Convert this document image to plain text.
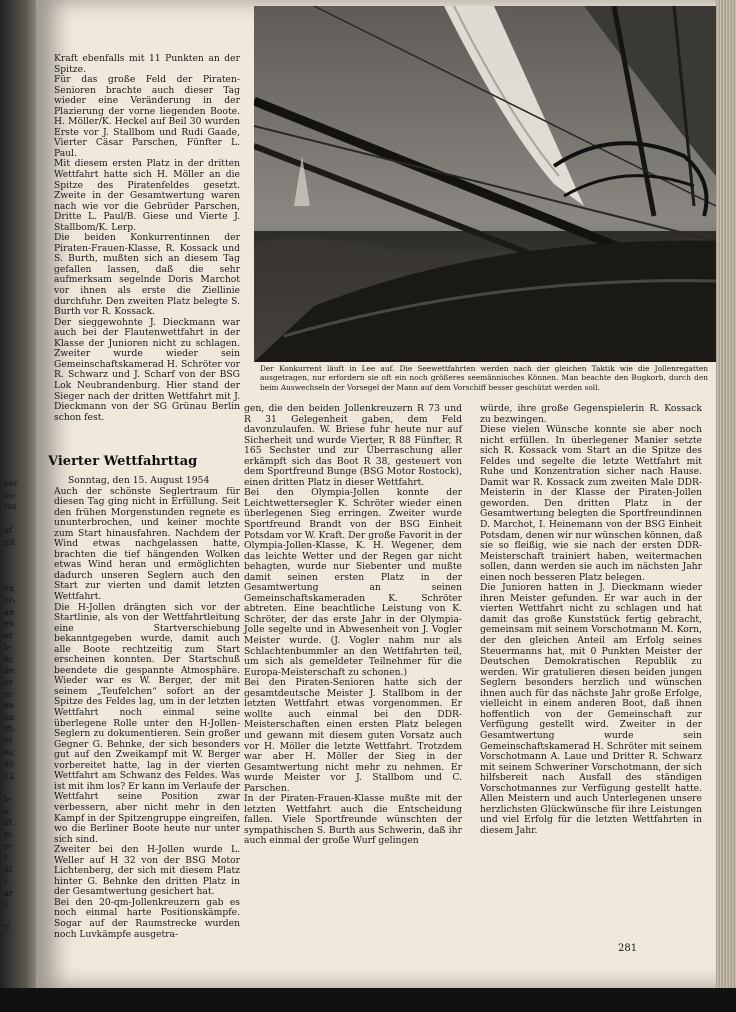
ner
us-
tus
uf
nit
en
or-
an
en
er
le
lic
de
er
er
en
en
ift-
er
es.
95
12
le
e,
ift
m
er
t-
ilt
r-
ar
s
7.
Der Konkurrent läuft in Lee auf. Die Seewettfahrten werden nach der gleichen Taktik wie die Jollenregatten ausgetragen, nur erfordern sie oft ein noch größeres seemännisches Können. Man beachte den Bugkorb, durch den beim Auswechseln der Vorsegel der Mann auf dem Vorschiff besser geschützt werden soll.

Kraft ebenfalls mit 11 Punkten an der Spitze.

Für das große Feld der Piraten-Senioren brachte auch dieser Tag wieder eine Veränderung in der Plazierung der vorne liegenden Boote. H. Möller/K. Heckel auf Beil 30 wurden Erste vor J. Stallbom und Rudi Gaade, Vierter Cäsar Parschen, Fünfter L. Paul.

Mit diesem ersten Platz in der dritten Wettfahrt hatte sich H. Möller an die Spitze des Piratenfeldes gesetzt. Zweite in der Gesamtwertung waren nach wie vor die Gebrüder Parschen, Dritte L. Paul/B. Giese und Vierte J. Stallbom/K. Lerp.

Die beiden Konkurrentinnen der Piraten-Frauen-Klasse, R. Kossack und S. Burth, mußten sich an diesem Tag gefallen lassen, daß die sehr aufmerksam segelnde Doris Marchot vor ihnen als erste die Ziellinie durchfuhr. Den zweiten Platz belegte S. Burth vor R. Kossack.

Der sieggewohnte J. Dieckmann war auch bei der Flautenwettfahrt in der Klasse der Junioren nicht zu schlagen. Zweiter wurde wieder sein Gemeinschaftskamerad H. Schröter vor R. Schwarz und J. Scharf von der BSG Lok Neubrandenburg. Hier stand der Sieger nach der dritten Wettfahrt mit J. Dieckmann von der SG Grünau Berlin schon fest.

Vierter Wettfahrttag

Sonntag, den 15. August 1954

Auch der schönste Seglertraum für diesen Tag ging nicht in Erfüllung. Seit den frühen Morgenstunden regnete es ununterbrochen, und keiner mochte zum Start hinausfahren. Nachdem der Wind etwas nachgelassen hatte, brachten die tief hängenden Wolken etwas Wind heran und ermöglichten dadurch unseren Seglern auch den Start zur vierten und damit letzten Wettfahrt.

Die H-Jollen drängten sich vor der Startlinie, als von der Wettfahrtleitung eine Startverschiebung bekanntgegeben wurde, damit auch alle Boote rechtzeitig zum Start erscheinen konnten. Der Startschuß beendete die gespannte Atmosphäre. Wieder war es W. Berger, der mit seinem „Teufelchen“ sofort an der Spitze des Feldes lag, um in der letzten Wettfahrt noch einmal seine überlegene Rolle unter den H-Jollen-Seglern zu dokumentieren. Sein großer Gegner G. Behnke, der sich besonders gut auf den Zweikampf mit W. Berger vorbereitet hatte, lag in der vierten Wettfahrt am Schwanz des Feldes. Was ist mit ihm los? Er kann im Verlaufe der Wettfahrt seine Position zwar verbessern, aber nicht mehr in den Kampf in der Spitzengruppe eingreifen, wo die Berliner Boote heute nur unter sich sind.

Zweiter bei den H-Jollen wurde L. Weller auf H 32 von der BSG Motor Lichtenberg, der sich mit diesem Platz hinter G. Behnke den dritten Platz in der Gesamtwertung gesichert hat.

Bei den 20-qm-Jollenkreuzern gab es noch einmal harte Positionskämpfe. Sogar auf der Raumstrecke wurden noch Luvkämpfe ausgetra-

gen, die den beiden Jollenkreuzern R 73 und R 31 Gelegenheit gaben, dem Feld davonzulaufen. W. Briese fuhr heute nur auf Sicherheit und wurde Vierter, R 88 Fünfter, R 165 Sechster und zur Überraschung aller erkämpft sich das Boot R 38, gesteuert von dem Sportfreund Bunge (BSG Motor Rostock), einen dritten Platz in dieser Wettfahrt.

Bei den Olympia-Jollen konnte der Leichtwettersegler K. Schröter wieder einen überlegenen Sieg erringen. Zweiter wurde Sportfreund Brandt von der BSG Einheit Potsdam vor W. Kraft. Der große Favorit in der Olympia-Jollen-Klasse, K. H. Wegener, dem das leichte Wetter und der Regen gar nicht behagten, wurde nur Siebenter und mußte damit seinen ersten Platz in der Gesamtwertung an seinen Gemeinschaftskameraden K. Schröter abtreten. Eine beachtliche Leistung von K. Schröter, der das erste Jahr in der Olympia-Jolle segelte und in Abwesenheit von J. Vogler Meister wurde. (J. Vogler nahm nur als Schlachtenbummler an den Wettfahrten teil, um sich als gemeldeter Teilnehmer für die Europa-Meisterschaft zu schonen.)

Bei den Piraten-Senioren hatte sich der gesamtdeutsche Meister J. Stallbom in der letzten Wettfahrt etwas vorgenommen. Er wollte auch einmal bei den DDR-Meisterschaften einen ersten Platz belegen und gewann mit diesem guten Vorsatz auch vor H. Möller die letzte Wettfahrt. Trotzdem war aber H. Möller der Sieg in der Gesamtwertung nicht mehr zu nehmen. Er wurde Meister vor J. Stallbom und C. Parschen.

In der Piraten-Frauen-Klasse mußte mit der letzten Wettfahrt auch die Entscheidung fallen. Viele Sportfreunde wünschten der sympathischen S. Burth aus Schwerin, daß ihr auch einmal der große Wurf gelingen

würde, ihre große Gegenspielerin R. Kossack zu bezwingen.

Diese vielen Wünsche konnte sie aber noch nicht erfüllen. In überlegener Manier setzte sich R. Kossack vom Start an die Spitze des Feldes und segelte die letzte Wettfahrt mit Ruhe und Konzentration sicher nach Hause. Damit war R. Kossack zum zweiten Male DDR-Meisterin in der Klasse der Piraten-Jollen geworden. Den dritten Platz in der Gesamtwertung belegten die Sportfreundinnen D. Marchot, I. Heinemann von der BSG Einheit Potsdam, denen wir nur wünschen können, daß sie so fleißig, wie sie nach der ersten DDR-Meisterschaft trainiert haben, weitermachen sollen, dann werden sie auch im nächsten Jahr einen noch besseren Platz belegen.

Die Junioren hatten in J. Dieckmann wieder ihren Meister gefunden. Er war auch in der vierten Wettfahrt nicht zu schlagen und hat damit das große Kunststück fertig gebracht, gemeinsam mit seinem Vorschotmann M. Korn, der den gleichen Anteil am Erfolg seines Steuermanns hat, mit 0 Punkten Meister der Deutschen Demokratischen Republik zu werden. Wir gratulieren diesen beiden jungen Seglern besonders herzlich und wünschen ihnen auch für das nächste Jahr große Erfolge, vielleicht in einem anderen Boot, daß ihnen hoffentlich von der Gemeinschaft zur Verfügung gestellt wird. Zweiter in der Gesamtwertung wurde sein Gemeinschaftskamerad H. Schröter mit seinem Vorschotmann A. Laue und Dritter R. Schwarz mit seinem Schweriner Vorschotmann, der sich hilfsbereit nach Ausfall des ständigen Vorschotmannes zur Verfügung gestellt hatte. Allen Meistern und auch Unterlegenen unsere herzlichsten Glückwünsche für ihre Leistungen und viel Erfolg für die letzten Wettfahrten in diesem Jahr.

281
